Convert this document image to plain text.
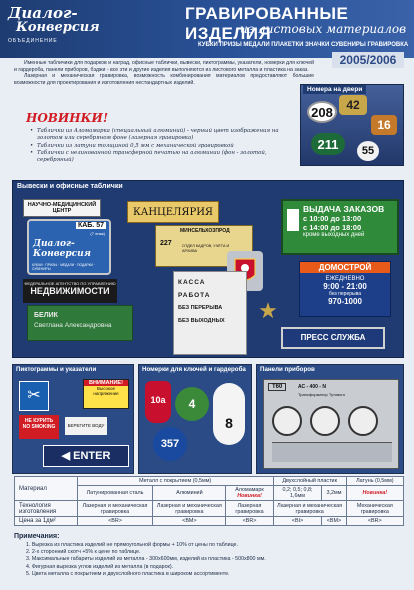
Диалог-
Конверсия
ОБЪЕДИНЕНИЕ
ГРАВИРОВАННЫЕ ИЗДЕЛИЯ
из листовых материалов
КУБКИ ПРИЗЫ МЕДАЛИ ПЛАКЕТКИ ЗНАЧКИ СУВЕНИРЫ ГРАВИРОВКА
2005/2006

Именные табличики для подарков и наград, офисные таблички, вывески, пиктограммы, указатели, номерки для ключей и гардероба, панели приборов, бэджи - все эти и другие изделия выполняются из листового металла и пластика на заказ.

Лазерная и механическая гравировка, возможность комбинирования материалов предоставляют большие возможности для проектирования и изготовления нестандартных изделий.

НОВИНКИ!
• Таблички из Аломамарка (специальный алюминий) - черный цвет изображения на золотом или серебряном фоне (лазерная гравировка)
• Таблички из латуни толщиной 0,5 мм с механической гравировкой
• Таблички с нелинованной трансферной печатью на алюминии (фон - золотой, серебряный)
Номера на двери
208	42
16
211	55
Вывески и офисные таблички
НАУЧНО-МЕДИЦИНСКИЙ ЦЕНТР	КАНЦЕЛЯРИЯ
КАБ. 57
(7 этаж)
Диалог-Конверсия
КУБКИ · ПРИЗЫ · МЕДАЛИ · ПОДАРКИ · СУВЕНИРЫ
МИНСЕЛЬХОЗПРОД
227	ОТДЕЛ КАДРОВ, УЧЁТА И АРХИВА
ФЕДЕРАЛЬНОЕ АГЕНТСТВО ПО УПРАВЛЕНИЮ
НЕДВИЖИМОСТИ
КАССА
РАБОТА
БЕЗ ПЕРЕРЫВА
БЕЗ ВЫХОДНЫХ
БЕЛИК
Светлана Александровна
ВЫДАЧА ЗАКАЗОВ
с 10:00 до 13:00
с 14:00 до 18:00
кроме выходных дней
ДОМОСТРОЙ
ЕЖЕДНЕВНО
9:00 - 21:00
без перерыва
970-1000
ПРЕСС СЛУЖБА
★
Пиктограммы и указатели
✂
ВНИМАНИЕ!
Высокое напряжение
НЕ КУРИТЬ
NO SMOKING	БЕРЕГИТЕ ВОДУ
◀ ENTER
Номерки для ключей и гардероба
10a	4
357
8
Панели приборов
T60	АС - 400 - N
Трансформатор Тутового
Материал	Металл с покрытием (0,5мм)			Двухслойный пластик		Латунь (0,5мм)
	Латунированная сталь	Алюминий	Аломамарк
Новинка!	0,2; 0,5; 0,8; 1,6мм	3,2мм	Новинка!
Технология изготовления	Лазерная и механическая гравировка	Лазерная и механическая гравировка	Лазерная гравировка	Лазерная и механическая гравировка		Механическая гравировка
Цена за 1дм²	<BR>	<BM>	<BR>	<BI>	<BM>	<BR>
Примечания:
1. Вырезка из пластика изделий не прямоугольной формы + 10% от цены по таблице.
2. 2-х сторонний скотч +5% к цене по таблице.
3. Максимальные габариты изделий из металла - 300x600мм, изделий из пластика - 500x800 мм.
4. Фигурная вырезка углов изделий из металла (в подарок).
5. Цвета металла с покрытием и двухслойного пластика в широком ассортименте.
